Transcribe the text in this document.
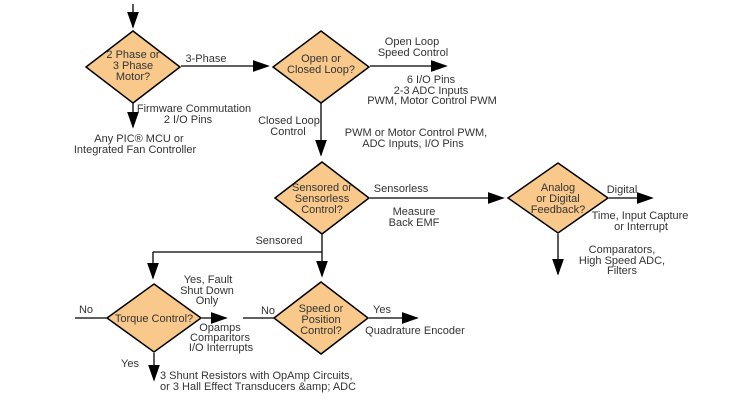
2 Phase or
3 Phase
Motor?
Open or
Closed Loop?
Sensored or
Sensorless
Control?
Analog
or Digital
Feedback?
Torque Control?
Speed or
Position
Control?
3-Phase
Firmware Commutation
2 I/O Pins
Any PIC® MCU or
Integrated Fan Controller
Open Loop
Speed Control
6 I/O Pins
2-3 ADC Inputs
PWM, Motor Control PWM
Closed Loop
Control	PWM or Motor Control PWM,
ADC Inputs, I/O Pins
Sensorless
Measure
Back EMF
Sensored
Digital
Time, Input Capture
or Interrupt
Comparators,
High Speed ADC,
Filters
No
Yes, Fault
Shut Down
Only
Opamps
Comparitors
I/O Interrupts
Yes
3 Shunt Resistors with OpAmp Circuits,
or 3 Hall Effect Transducers &amp; ADC
No	Yes
Quadrature Encoder
